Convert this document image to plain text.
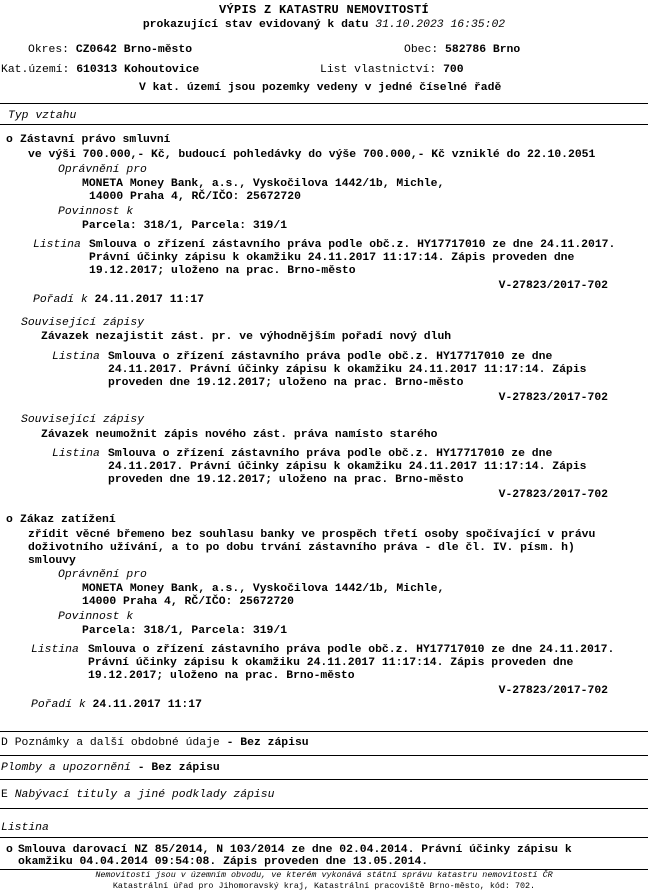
VÝPIS Z KATASTRU NEMOVITOSTÍ
prokazující stav evidovaný k datu 31.10.2023 16:35:02
Okres: CZ0642 Brno-město	Obec: 582786 Brno
Kat.území: 610313 Kohoutovice	List vlastnictví: 700
V kat. území jsou pozemky vedeny v jedné číselné řadě
Typ vztahu
o Zástavní právo smluvní
ve výši 700.000,- Kč, budoucí pohledávky do výše 700.000,- Kč vzniklé do 22.10.2051
Oprávnění pro
MONETA Money Bank, a.s., Vyskočilova 1442/1b, Michle,
14000 Praha 4, RČ/IČO: 25672720
Povinnost k
Parcela: 318/1, Parcela: 319/1
Listina Smlouva o zřízení zástavního práva podle obč.z. HY17717010 ze dne 24.11.2017.
Právní účinky zápisu k okamžiku 24.11.2017 11:17:14. Zápis proveden dne
19.12.2017; uloženo na prac. Brno-město
V-27823/2017-702
Pořadí k 24.11.2017 11:17
Související zápisy
Závazek nezajistit zást. pr. ve výhodnějším pořadí nový dluh
Listina Smlouva o zřízení zástavního práva podle obč.z. HY17717010 ze dne
24.11.2017. Právní účinky zápisu k okamžiku 24.11.2017 11:17:14. Zápis
proveden dne 19.12.2017; uloženo na prac. Brno-město
V-27823/2017-702
Související zápisy
Závazek neumožnit zápis nového zást. práva namísto starého
Listina Smlouva o zřízení zástavního práva podle obč.z. HY17717010 ze dne
24.11.2017. Právní účinky zápisu k okamžiku 24.11.2017 11:17:14. Zápis
proveden dne 19.12.2017; uloženo na prac. Brno-město
V-27823/2017-702
o Zákaz zatížení
zřídit věcné břemeno bez souhlasu banky ve prospěch třetí osoby spočívající v právu
doživotního užívání, a to po dobu trvání zástavního práva - dle čl. IV. písm. h)
smlouvy
Oprávnění pro
MONETA Money Bank, a.s., Vyskočilova 1442/1b, Michle,
14000 Praha 4, RČ/IČO: 25672720
Povinnost k
Parcela: 318/1, Parcela: 319/1
Listina Smlouva o zřízení zástavního práva podle obč.z. HY17717010 ze dne 24.11.2017.
Právní účinky zápisu k okamžiku 24.11.2017 11:17:14. Zápis proveden dne
19.12.2017; uloženo na prac. Brno-město
V-27823/2017-702
Pořadí k 24.11.2017 11:17
D Poznámky a další obdobné údaje - Bez zápisu
Plomby a upozornění - Bez zápisu
E Nabývací tituly a jiné podklady zápisu
Listina
o Smlouva darovací NZ 85/2014, N 103/2014 ze dne 02.04.2014. Právní účinky zápisu k
okamžiku 04.04.2014 09:54:08. Zápis proveden dne 13.05.2014.
Nemovitosti jsou v územním obvodu, ve kterém vykonává státní správu katastru nemovitostí ČR
Katastrální úřad pro Jihomoravský kraj, Katastrální pracoviště Brno-město, kód: 702.
